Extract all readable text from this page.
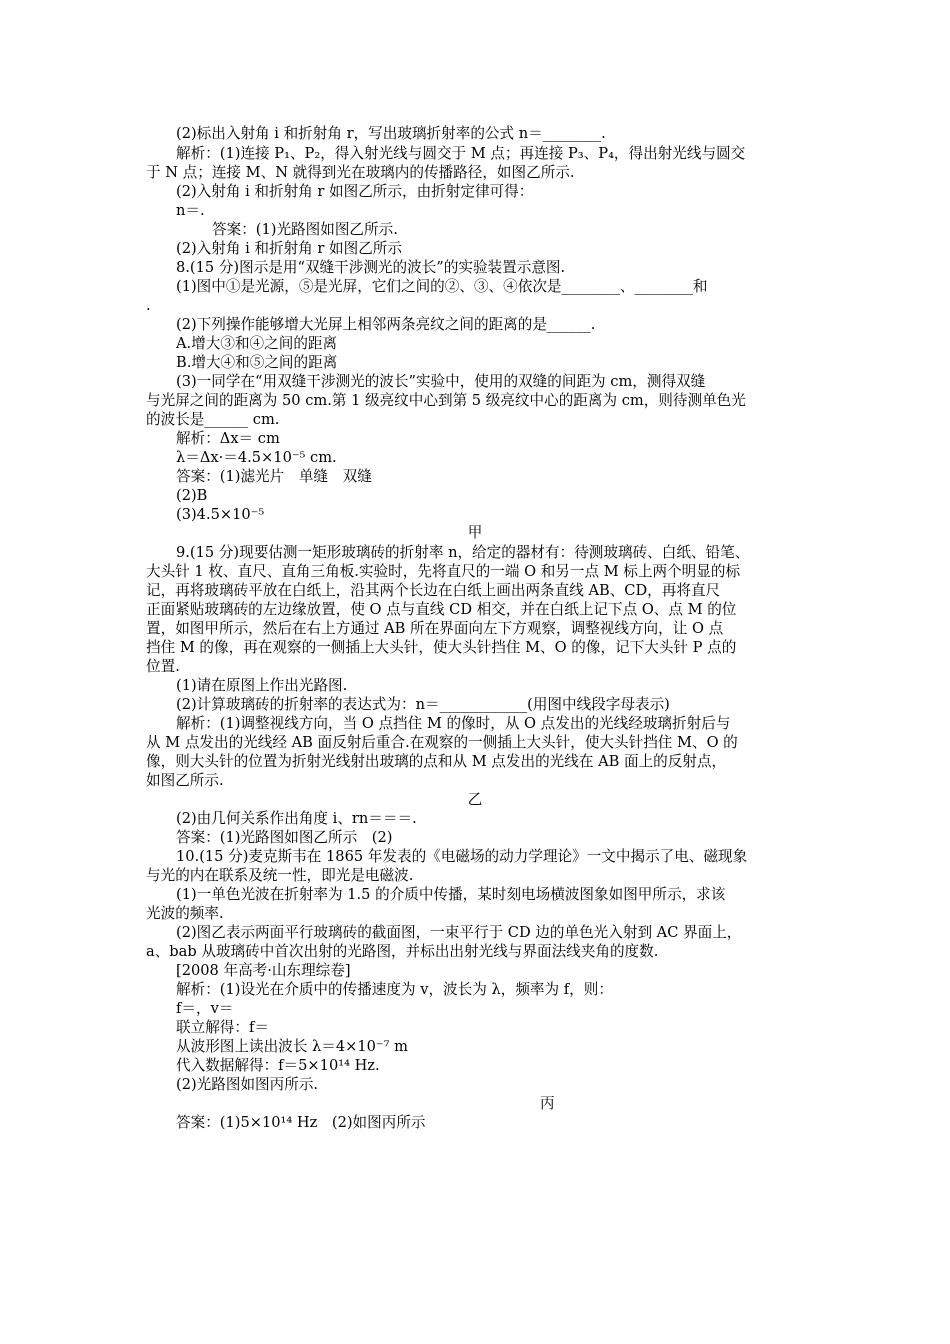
(2)标出入射角 i 和折射角 r，写出玻璃折射率的公式 n＝________.
解析：(1)连接 P₁、P₂，得入射光线与圆交于 M 点；再连接 P₃、P₄，得出射光线与圆交
于 N 点；连接 M、N 就得到光在玻璃内的传播路径，如图乙所示.
(2)入射角 i 和折射角 r 如图乙所示，由折射定律可得：
n＝.
答案：(1)光路图如图乙所示.
(2)入射角 i 和折射角 r 如图乙所示
8.(15 分)图示是用“双缝干涉测光的波长”的实验装置示意图.
(1)图中①是光源，⑤是光屏，它们之间的②、③、④依次是________、________和
.
(2)下列操作能够增大光屏上相邻两条亮纹之间的距离的是______.
A.增大③和④之间的距离
B.增大④和⑤之间的距离
(3)一同学在“用双缝干涉测光的波长”实验中，使用的双缝的间距为 cm，测得双缝
与光屏之间的距离为 50 cm.第 1 级亮纹中心到第 5 级亮纹中心的距离为 cm，则待测单色光
的波长是______ cm.
解析：Δx＝ cm
λ＝Δx·＝4.5×10⁻⁵ cm.
答案：(1)滤光片　单缝　双缝
(2)B
(3)4.5×10⁻⁵
甲
9.(15 分)现要估测一矩形玻璃砖的折射率 n，给定的器材有：待测玻璃砖、白纸、铅笔、
大头针 1 枚、直尺、直角三角板.实验时，先将直尺的一端 O 和另一点 M 标上两个明显的标
记，再将玻璃砖平放在白纸上，沿其两个长边在白纸上画出两条直线 AB、CD，再将直尺
正面紧贴玻璃砖的左边缘放置，使 O 点与直线 CD 相交，并在白纸上记下点 O、点 M 的位
置，如图甲所示，然后在右上方通过 AB 所在界面向左下方观察，调整视线方向，让 O 点
挡住 M 的像，再在观察的一侧插上大头针，使大头针挡住 M、O 的像，记下大头针 P 点的
位置.
(1)请在原图上作出光路图.
(2)计算玻璃砖的折射率的表达式为：n＝____________(用图中线段字母表示)
解析：(1)调整视线方向，当 O 点挡住 M 的像时，从 O 点发出的光线经玻璃折射后与
从 M 点发出的光线经 AB 面反射后重合.在观察的一侧插上大头针，使大头针挡住 M、O 的
像，则大头针的位置为折射光线射出玻璃的点和从 M 点发出的光线在 AB 面上的反射点，
如图乙所示.
乙
(2)由几何关系作出角度 i、rn＝＝＝.
答案：(1)光路图如图乙所示　(2)
10.(15 分)麦克斯韦在 1865 年发表的《电磁场的动力学理论》一文中揭示了电、磁现象
与光的内在联系及统一性，即光是电磁波.
(1)一单色光波在折射率为 1.5 的介质中传播，某时刻电场横波图象如图甲所示，求该
光波的频率.
(2)图乙表示两面平行玻璃砖的截面图，一束平行于 CD 边的单色光入射到 AC 界面上，
a、bab 从玻璃砖中首次出射的光路图，并标出出射光线与界面法线夹角的度数.
[2008 年高考·山东理综卷]
解析：(1)设光在介质中的传播速度为 v，波长为 λ，频率为 f，则：
f＝，v＝
联立解得：f＝
从波形图上读出波长 λ＝4×10⁻⁷ m
代入数据解得：f＝5×10¹⁴ Hz.
(2)光路图如图丙所示.
丙
答案：(1)5×10¹⁴ Hz　(2)如图丙所示
